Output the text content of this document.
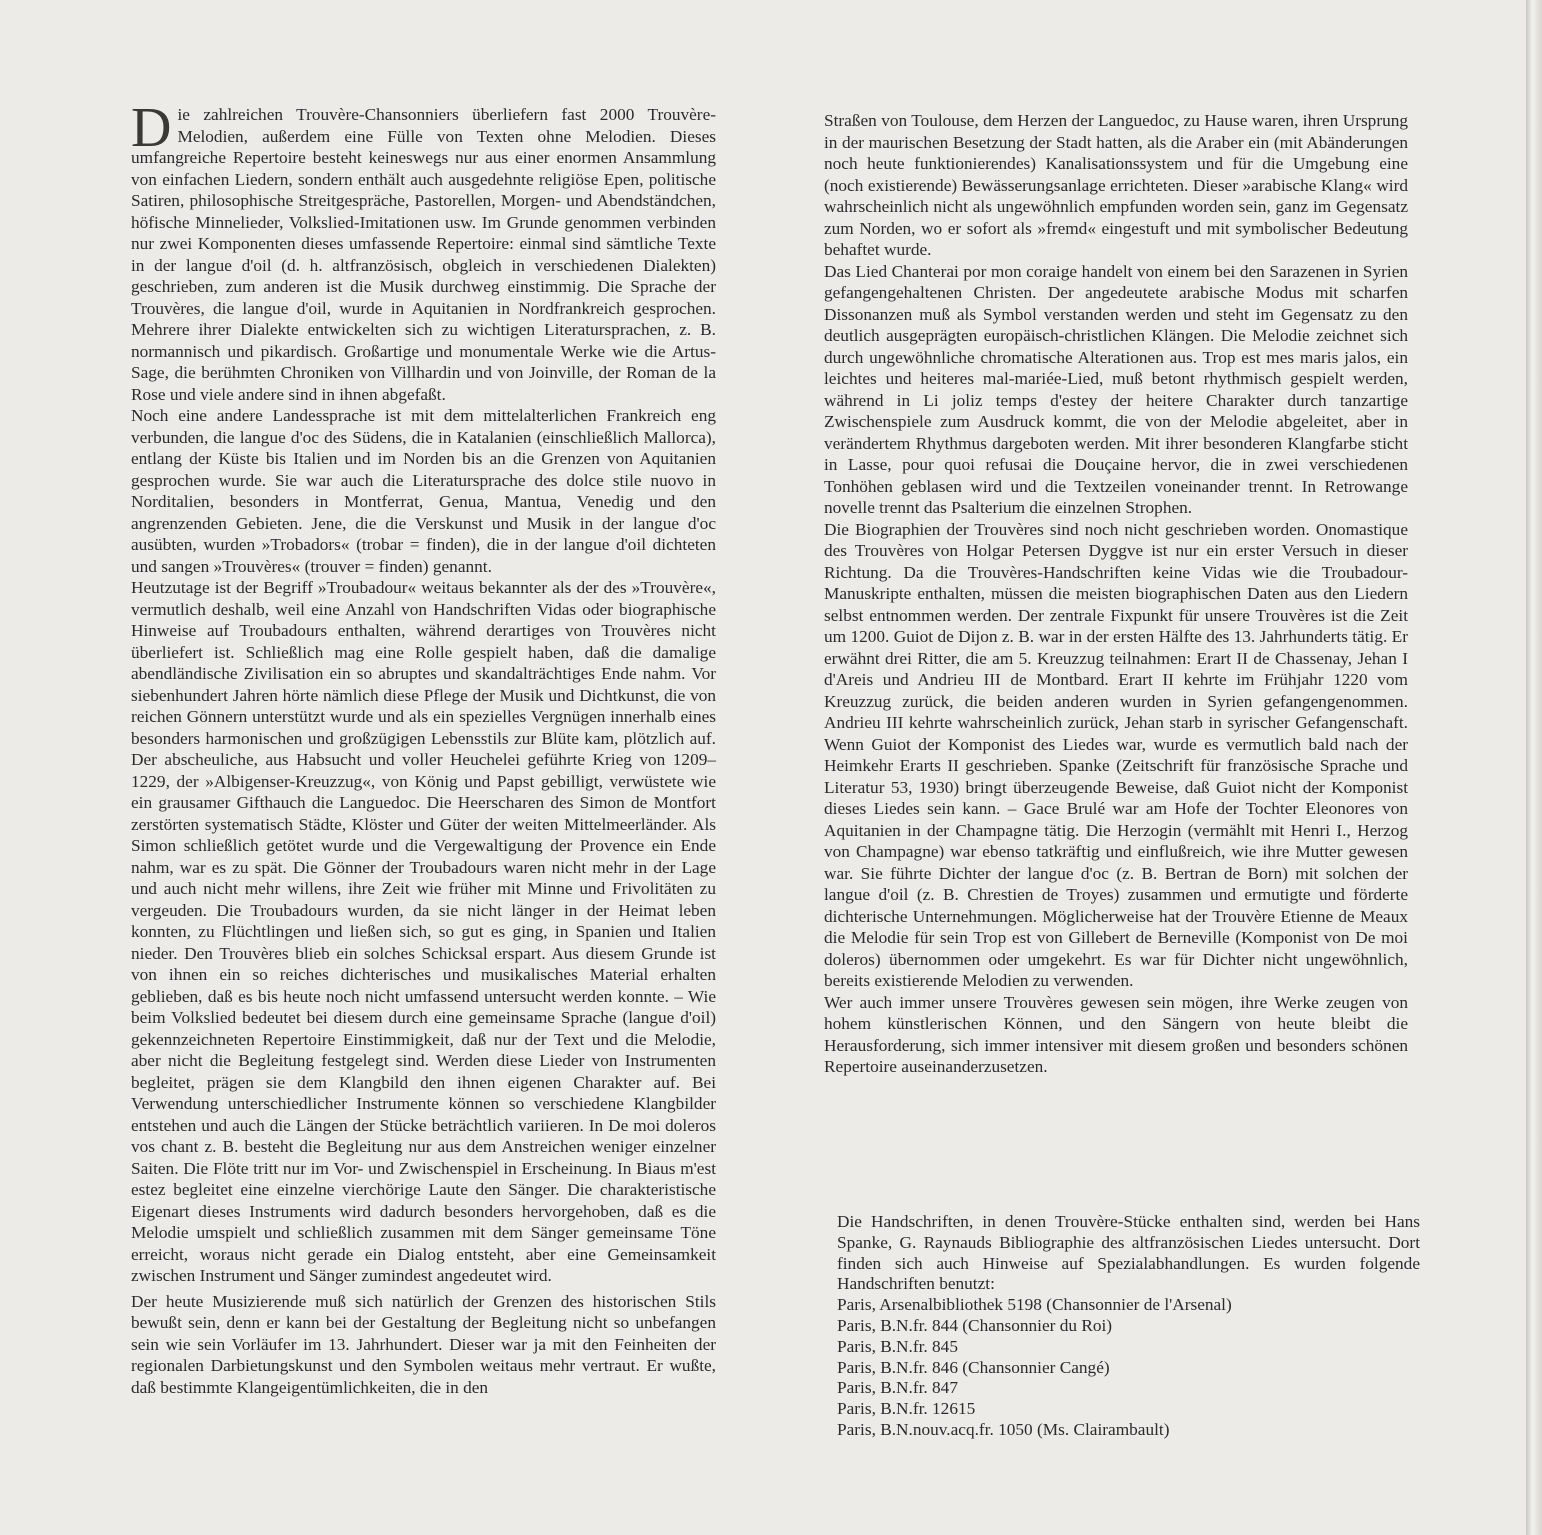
Die zahlreichen Trouvère-Chansonniers überliefern fast 2000 Trouvère-Melodien, außerdem eine Fülle von Texten ohne Melodien. Dieses umfangreiche Repertoire besteht keineswegs nur aus einer enormen Ansammlung von einfachen Liedern, sondern enthält auch ausgedehnte religiöse Epen, politische Satiren, philosophische Streitgespräche, Pastorellen, Morgen- und Abendständchen, höfische Minnelieder, Volkslied-Imitationen usw. Im Grunde genommen verbinden nur zwei Komponenten dieses umfassende Repertoire: einmal sind sämtliche Texte in der langue d'oil (d. h. altfranzösisch, obgleich in verschiedenen Dialekten) geschrieben, zum anderen ist die Musik durchweg einstimmig. Die Sprache der Trouvères, die langue d'oil, wurde in Aquitanien in Nordfrankreich gesprochen. Mehrere ihrer Dialekte entwickelten sich zu wichtigen Literatursprachen, z. B. normannisch und pikardisch. Großartige und monumentale Werke wie die Artus-Sage, die berühmten Chroniken von Villhardin und von Joinville, der Roman de la Rose und viele andere sind in ihnen abgefaßt.

Noch eine andere Landessprache ist mit dem mittelalterlichen Frankreich eng verbunden, die langue d'oc des Südens, die in Katalanien (einschließlich Mallorca), entlang der Küste bis Italien und im Norden bis an die Grenzen von Aquitanien gesprochen wurde. Sie war auch die Literatursprache des dolce stile nuovo in Norditalien, besonders in Montferrat, Genua, Mantua, Venedig und den angrenzenden Gebieten. Jene, die die Verskunst und Musik in der langue d'oc ausübten, wurden »Trobadors« (trobar = finden), die in der langue d'oil dichteten und sangen »Trouvères« (trouver = finden) genannt.

Heutzutage ist der Begriff »Troubadour« weitaus bekannter als der des »Trouvère«, vermutlich deshalb, weil eine Anzahl von Handschriften Vidas oder biographische Hinweise auf Troubadours enthalten, während derartiges von Trouvères nicht überliefert ist. Schließlich mag eine Rolle gespielt haben, daß die damalige abendländische Zivilisation ein so abruptes und skandalträchtiges Ende nahm. Vor siebenhundert Jahren hörte nämlich diese Pflege der Musik und Dichtkunst, die von reichen Gönnern unterstützt wurde und als ein spezielles Vergnügen innerhalb eines besonders harmonischen und großzügigen Lebensstils zur Blüte kam, plötzlich auf. Der abscheuliche, aus Habsucht und voller Heuchelei geführte Krieg von 1209–1229, der »Albigenser-Kreuzzug«, von König und Papst gebilligt, verwüstete wie ein grausamer Gifthauch die Languedoc. Die Heerscharen des Simon de Montfort zerstörten systematisch Städte, Klöster und Güter der weiten Mittelmeerländer. Als Simon schließlich getötet wurde und die Vergewaltigung der Provence ein Ende nahm, war es zu spät. Die Gönner der Troubadours waren nicht mehr in der Lage und auch nicht mehr willens, ihre Zeit wie früher mit Minne und Frivolitäten zu vergeuden. Die Troubadours wurden, da sie nicht länger in der Heimat leben konnten, zu Flüchtlingen und ließen sich, so gut es ging, in Spanien und Italien nieder. Den Trouvères blieb ein solches Schicksal erspart. Aus diesem Grunde ist von ihnen ein so reiches dichterisches und musikalisches Material erhalten geblieben, daß es bis heute noch nicht umfassend untersucht werden konnte. – Wie beim Volkslied bedeutet bei diesem durch eine gemeinsame Sprache (langue d'oil) gekennzeichneten Repertoire Einstimmigkeit, daß nur der Text und die Melodie, aber nicht die Begleitung festgelegt sind. Werden diese Lieder von Instrumenten begleitet, prägen sie dem Klangbild den ihnen eigenen Charakter auf. Bei Verwendung unterschiedlicher Instrumente können so verschiedene Klangbilder entstehen und auch die Längen der Stücke beträchtlich variieren. In De moi doleros vos chant z. B. besteht die Begleitung nur aus dem Anstreichen weniger einzelner Saiten. Die Flöte tritt nur im Vor- und Zwischenspiel in Erscheinung. In Biaus m'est estez begleitet eine einzelne vierchörige Laute den Sänger. Die charakteristische Eigenart dieses Instruments wird dadurch besonders hervorgehoben, daß es die Melodie umspielt und schließlich zusammen mit dem Sänger gemeinsame Töne erreicht, woraus nicht gerade ein Dialog entsteht, aber eine Gemeinsamkeit zwischen Instrument und Sänger zumindest angedeutet wird.

Der heute Musizierende muß sich natürlich der Grenzen des historischen Stils bewußt sein, denn er kann bei der Gestaltung der Begleitung nicht so unbefangen sein wie sein Vorläufer im 13. Jahrhundert. Dieser war ja mit den Feinheiten der regionalen Darbietungskunst und den Symbolen weitaus mehr vertraut. Er wußte, daß bestimmte Klangeigentümlichkeiten, die in den

Straßen von Toulouse, dem Herzen der Languedoc, zu Hause waren, ihren Ursprung in der maurischen Besetzung der Stadt hatten, als die Araber ein (mit Abänderungen noch heute funktionierendes) Kanalisationssystem und für die Umgebung eine (noch existierende) Bewässerungsanlage errichteten. Dieser »arabische Klang« wird wahrscheinlich nicht als ungewöhnlich empfunden worden sein, ganz im Gegensatz zum Norden, wo er sofort als »fremd« eingestuft und mit symbolischer Bedeutung behaftet wurde.

Das Lied Chanterai por mon coraige handelt von einem bei den Sarazenen in Syrien gefangengehaltenen Christen. Der angedeutete arabische Modus mit scharfen Dissonanzen muß als Symbol verstanden werden und steht im Gegensatz zu den deutlich ausgeprägten europäisch-christlichen Klängen. Die Melodie zeichnet sich durch ungewöhnliche chromatische Alterationen aus. Trop est mes maris jalos, ein leichtes und heiteres mal-mariée-Lied, muß betont rhythmisch gespielt werden, während in Li joliz temps d'estey der heitere Charakter durch tanzartige Zwischenspiele zum Ausdruck kommt, die von der Melodie abgeleitet, aber in verändertem Rhythmus dargeboten werden. Mit ihrer besonderen Klangfarbe sticht in Lasse, pour quoi refusai die Douçaine hervor, die in zwei verschiedenen Tonhöhen geblasen wird und die Textzeilen voneinander trennt. In Retrowange novelle trennt das Psalterium die einzelnen Strophen.

Die Biographien der Trouvères sind noch nicht geschrieben worden. Onomastique des Trouvères von Holgar Petersen Dyggve ist nur ein erster Versuch in dieser Richtung. Da die Trouvères-Handschriften keine Vidas wie die Troubadour-Manuskripte enthalten, müssen die meisten biographischen Daten aus den Liedern selbst entnommen werden. Der zentrale Fixpunkt für unsere Trouvères ist die Zeit um 1200. Guiot de Dijon z. B. war in der ersten Hälfte des 13. Jahrhunderts tätig. Er erwähnt drei Ritter, die am 5. Kreuzzug teilnahmen: Erart II de Chassenay, Jehan I d'Areis und Andrieu III de Montbard. Erart II kehrte im Frühjahr 1220 vom Kreuzzug zurück, die beiden anderen wurden in Syrien gefangengenommen. Andrieu III kehrte wahrscheinlich zurück, Jehan starb in syrischer Gefangenschaft. Wenn Guiot der Komponist des Liedes war, wurde es vermutlich bald nach der Heimkehr Erarts II geschrieben. Spanke (Zeitschrift für französische Sprache und Literatur 53, 1930) bringt überzeugende Beweise, daß Guiot nicht der Komponist dieses Liedes sein kann. – Gace Brulé war am Hofe der Tochter Eleonores von Aquitanien in der Champagne tätig. Die Herzogin (vermählt mit Henri I., Herzog von Champagne) war ebenso tatkräftig und einflußreich, wie ihre Mutter gewesen war. Sie führte Dichter der langue d'oc (z. B. Bertran de Born) mit solchen der langue d'oil (z. B. Chrestien de Troyes) zusammen und ermutigte und förderte dichterische Unternehmungen. Möglicherweise hat der Trouvère Etienne de Meaux die Melodie für sein Trop est von Gillebert de Berneville (Komponist von De moi doleros) übernommen oder umgekehrt. Es war für Dichter nicht ungewöhnlich, bereits existierende Melodien zu verwenden.

Wer auch immer unsere Trouvères gewesen sein mögen, ihre Werke zeugen von hohem künstlerischen Können, und den Sängern von heute bleibt die Herausforderung, sich immer intensiver mit diesem großen und besonders schönen Repertoire auseinanderzusetzen.

Die Handschriften, in denen Trouvère-Stücke enthalten sind, werden bei Hans Spanke, G. Raynauds Bibliographie des altfranzösischen Liedes untersucht. Dort finden sich auch Hinweise auf Spezialabhandlungen. Es wurden folgende Handschriften benutzt:

Paris, Arsenalbibliothek 5198 (Chansonnier de l'Arsenal)
Paris, B.N.fr. 844 (Chansonnier du Roi)
Paris, B.N.fr. 845
Paris, B.N.fr. 846 (Chansonnier Cangé)
Paris, B.N.fr. 847
Paris, B.N.fr. 12615
Paris, B.N.nouv.acq.fr. 1050 (Ms. Clairambault)
